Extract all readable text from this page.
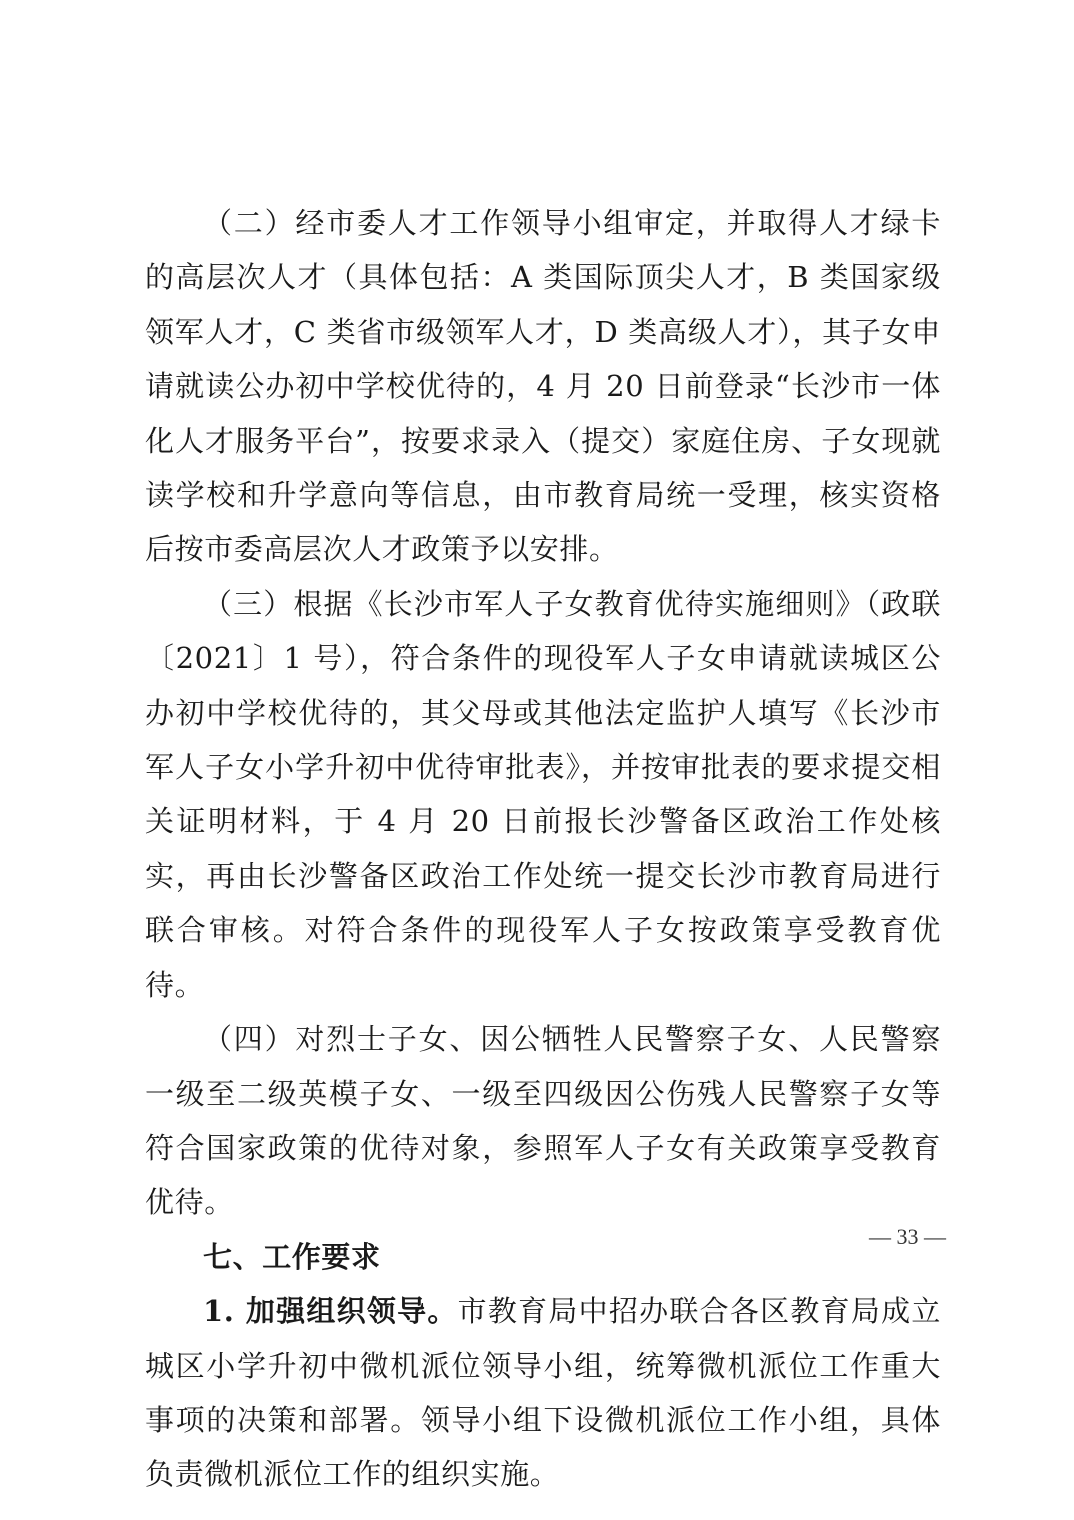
（二）经市委人才工作领导小组审定，并取得人才绿卡的高层次人才（具体包括：A 类国际顶尖人才，B 类国家级领军人才，C 类省市级领军人才，D 类高级人才），其子女申请就读公办初中学校优待的，4 月 20 日前登录“长沙市一体化人才服务平台”，按要求录入（提交）家庭住房、子女现就读学校和升学意向等信息，由市教育局统一受理，核实资格后按市委高层次人才政策予以安排。

（三）根据《长沙市军人子女教育优待实施细则》（政联〔2021〕1 号），符合条件的现役军人子女申请就读城区公办初中学校优待的，其父母或其他法定监护人填写《长沙市军人子女小学升初中优待审批表》，并按审批表的要求提交相关证明材料，于 4 月 20 日前报长沙警备区政治工作处核实，再由长沙警备区政治工作处统一提交长沙市教育局进行联合审核。对符合条件的现役军人子女按政策享受教育优待。

（四）对烈士子女、因公牺牲人民警察子女、人民警察一级至二级英模子女、一级至四级因公伤残人民警察子女等符合国家政策的优待对象，参照军人子女有关政策享受教育优待。

七、工作要求

1. 加强组织领导。市教育局中招办联合各区教育局成立城区小学升初中微机派位领导小组，统筹微机派位工作重大事项的决策和部署。领导小组下设微机派位工作小组，具体负责微机派位工作的组织实施。

— 33 —
